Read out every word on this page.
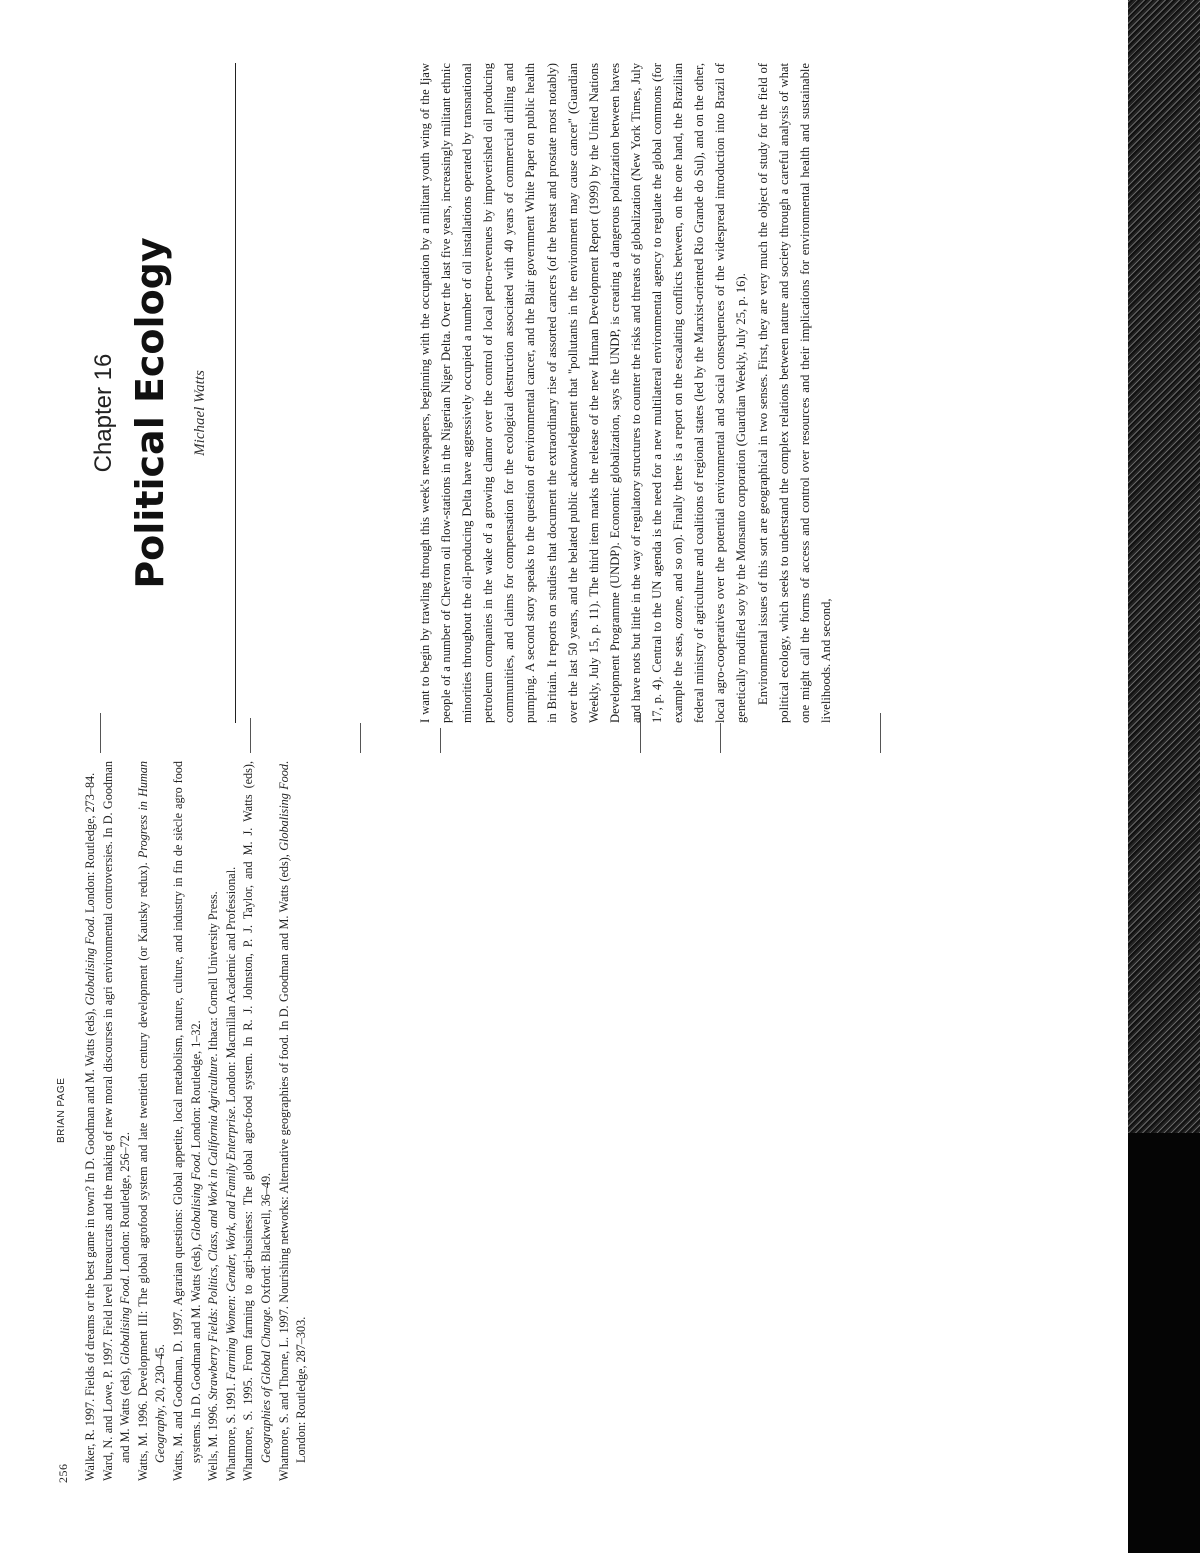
256
BRIAN PAGE Walker, R. 1997. Fields of dreams or the best game in town? In D. Goodman and M. Watts (eds), Globalising Food. London: Routledge, 273–84. Ward, N. and Lowe, P. 1997. Field level bureaucrats and the making of new moral discourses in agri environmental controversies. In D. Goodman and M. Watts (eds), Globalising Food. London: Routledge, 256–72. Watts, M. 1996. Development III: The global agrofood system and late twentieth century development (or Kautsky redux). Progress in Human Geography, 20, 230–45. Watts, M. and Goodman, D. 1997. Agrarian questions: Global appetite, local metabolism, nature, culture, and industry in fin de siècle agro food systems. In D. Goodman and M. Watts (eds), Globalising Food. London: Routledge, 1–32.

Wells, M. 1996. Strawberry Fields: Politics, Class, and Work in California Agriculture. Ithaca: Cornell University Press.

Whatmore, S. 1991. Farming Women: Gender, Work, and Family Enterprise. London: Macmillan Academic and Professional. Whatmore, S. 1995. From farming to agri-business: The global agro-food system. In R. J. Johnston, P. J. Taylor, and M. J. Watts (eds), Geographies of Global Change. Oxford: Blackwell, 36–49. Whatmore, S. and Thorne, L. 1997. Nourishing networks: Alternative geographies of food. In D. Goodman and M. Watts (eds), Globalising Food. London: Routledge, 287–303.

Chapter 16 Political Ecology Michael Watts	I want to begin by trawling through this week's newspapers, beginning with the occupation by a militant youth wing of the Ijaw people of a number of Chevron oil flow-stations in the Nigerian Niger Delta. Over the last five years, increasingly militant ethnic minorities throughout the oil-producing Delta have aggressively occupied a number of oil installations operated by transnational petroleum companies in the wake of a growing clamor over the control of local petro-revenues by impoverished oil producing communities, and claims for compensation for the ecological destruction associated with 40 years of commercial drilling and pumping. A second story speaks to the question of environmental cancer, and the Blair government White Paper on public health in Britain. It reports on studies that document the extraordinary rise of assorted cancers (of the breast and prostate most notably) over the last 50 years, and the belated public acknowledgment that "pollutants in the environment may cause cancer" (Guardian Weekly, July 15, p. 11). The third item marks the release of the new Human Development Report (1999) by the United Nations Development Programme (UNDP). Economic globalization, says the UNDP, is creating a dangerous polarization between haves and have nots but little in the way of regulatory structures to counter the risks and threats of globalization (New York Times, July 17, p. 4). Central to the UN agenda is the need for a new multilateral environmental agency to regulate the global commons (for example the seas, ozone, and so on). Finally there is a report on the escalating conflicts between, on the one hand, the Brazilian federal ministry of agriculture and coalitions of regional states (led by the Marxist-oriented Rio Grande do Sul), and on the other, local agro-cooperatives over the potential environmental and social consequences of the widespread introduction into Brazil of genetically modified soy by the Monsanto corporation (Guardian Weekly, July 25, p. 16). Environmental issues of this sort are geographical in two senses. First, they are very much the object of study for the field of political ecology, which seeks to understand the complex relations between nature and society through a careful analysis of what one might call the forms of access and control over resources and their implications for environmental health and sustainable livelihoods. And second,
